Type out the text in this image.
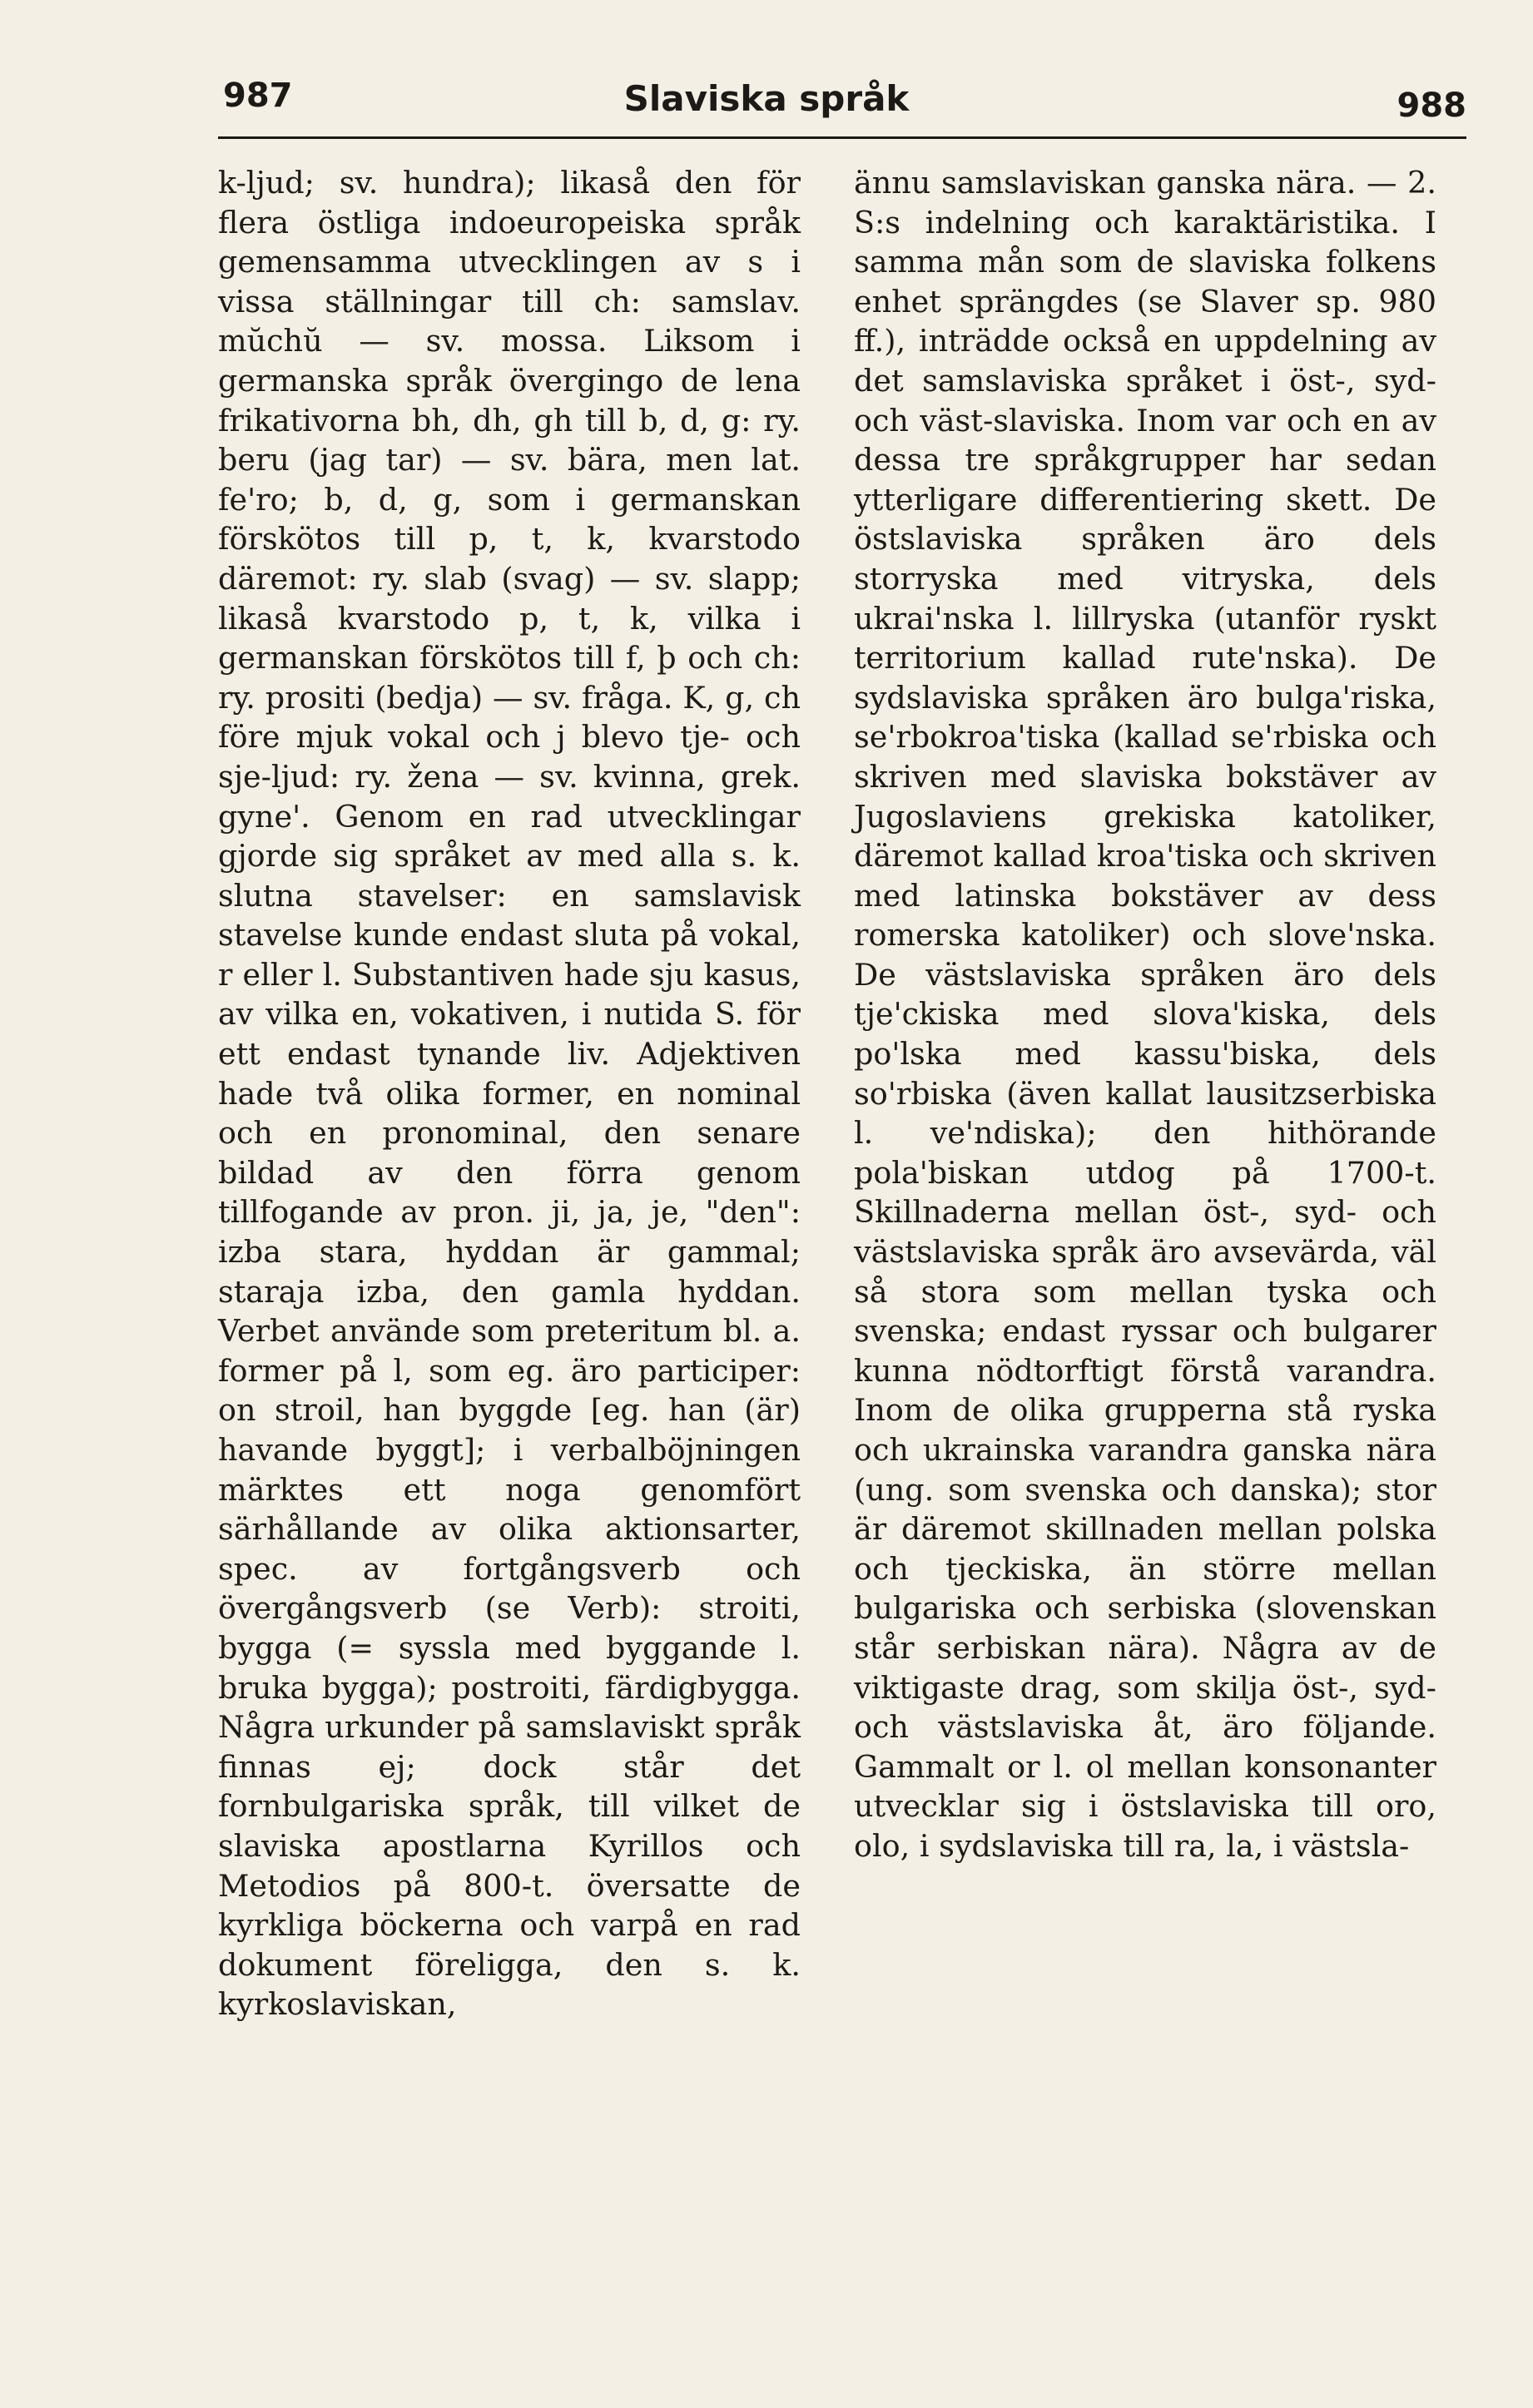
987	Slaviska språk	988

k-ljud; sv. hundra); likaså den för flera östliga indoeuropeiska språk gemensamma utvecklingen av s i vissa ställningar till ch: samslav. mŭchŭ — sv. mossa. Liksom i germanska språk övergingo de lena frikativorna bh, dh, gh till b, d, g: ry. beru (jag tar) — sv. bära, men lat. fe'ro; b, d, g, som i germanskan förskötos till p, t, k, kvarstodo däremot: ry. slab (svag) — sv. slapp; likaså kvarstodo p, t, k, vilka i germanskan förskötos till f, þ och ch: ry. prositi (bedja) — sv. fråga. K, g, ch före mjuk vokal och j blevo tje- och sje-ljud: ry. žena — sv. kvinna, grek. gyne'. Genom en rad utvecklingar gjorde sig språket av med alla s. k. slutna stavelser: en samslavisk stavelse kunde endast sluta på vokal, r eller l. Substantiven hade sju kasus, av vilka en, vokativen, i nutida S. för ett endast tynande liv. Adjektiven hade två olika former, en nominal och en pronominal, den senare bildad av den förra genom tillfogande av pron. ji, ja, je, "den": izba stara, hyddan är gammal; staraja izba, den gamla hyddan. Verbet använde som preteritum bl. a. former på l, som eg. äro participer: on stroil, han byggde [eg. han (är) havande byggt]; i verbalböjningen märktes ett noga genomfört särhållande av olika aktionsarter, spec. av fortgångsverb och övergångsverb (se Verb): stroiti, bygga (= syssla med byggande l. bruka bygga); postroiti, färdigbygga. Några urkunder på samslaviskt språk finnas ej; dock står det fornbulgariska språk, till vilket de slaviska apostlarna Kyrillos och Metodios på 800-t. översatte de kyrkliga böckerna och varpå en rad dokument föreligga, den s. k. kyrkoslaviskan,

ännu samslaviskan ganska nära. — 2. S:s indelning och karaktäristika. I samma mån som de slaviska folkens enhet sprängdes (se Slaver sp. 980 ff.), inträdde också en uppdelning av det samslaviska språket i öst-, syd- och väst-slaviska. Inom var och en av dessa tre språkgrupper har sedan ytterligare differentiering skett. De östslaviska språken äro dels storryska med vitryska, dels ukrai'nska l. lillryska (utanför ryskt territorium kallad rute'nska). De sydslaviska språken äro bulga'riska, se'rbokroa'tiska (kallad se'rbiska och skriven med slaviska bokstäver av Jugoslaviens grekiska katoliker, däremot kallad kroa'tiska och skriven med latinska bokstäver av dess romerska katoliker) och slove'nska. De västslaviska språken äro dels tje'ckiska med slova'kiska, dels po'lska med kassu'biska, dels so'rbiska (även kallat lausitzserbiska l. ve'ndiska); den hithörande pola'biskan utdog på 1700-t. Skillnaderna mellan öst-, syd- och västslaviska språk äro avsevärda, väl så stora som mellan tyska och svenska; endast ryssar och bulgarer kunna nödtorftigt förstå varandra. Inom de olika grupperna stå ryska och ukrainska varandra ganska nära (ung. som svenska och danska); stor är däremot skillnaden mellan polska och tjeckiska, än större mellan bulgariska och serbiska (slovenskan står serbiskan nära). Några av de viktigaste drag, som skilja öst-, syd- och västslaviska åt, äro följande. Gammalt or l. ol mellan konsonanter utvecklar sig i östslaviska till oro, olo, i sydslaviska till ra, la, i västsla-
